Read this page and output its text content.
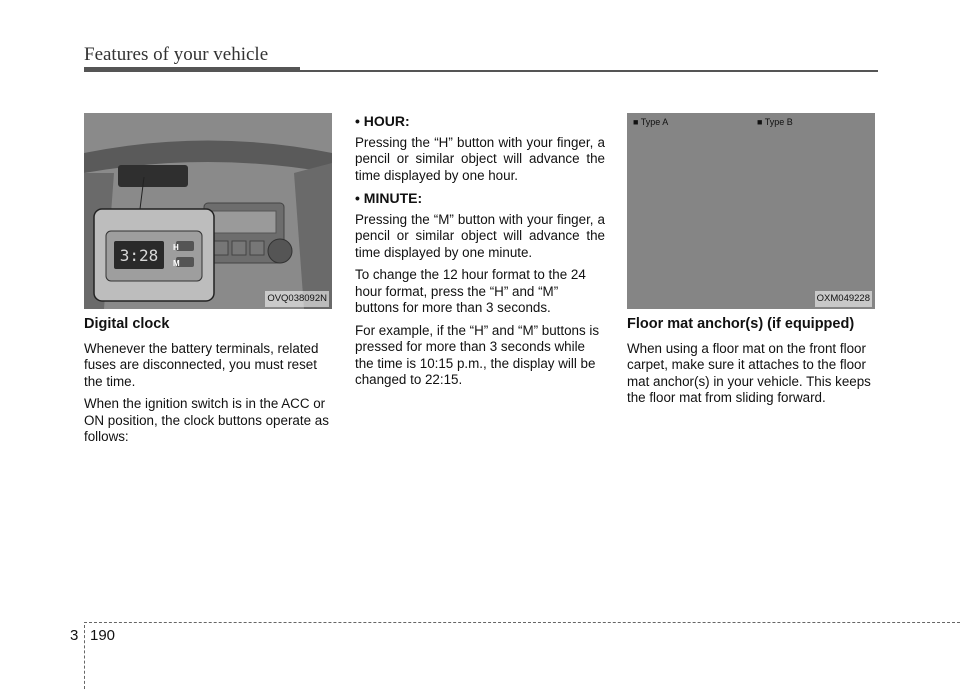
Features of your vehicle
3:28 H
M
OVQ038092N
Digital clock

Whenever the battery terminals, related fuses are disconnected, you must reset the time.

When the ignition switch is in the ACC or ON position, the clock buttons operate as follows:

• HOUR:

Pressing the “H” button with your finger, a pencil or similar object will advance the time displayed by one hour.

• MINUTE:

Pressing the “M” button with your finger, a pencil or similar object will advance the time displayed by one minute.

To change the 12 hour format to the 24 hour format, press the “H” and “M” buttons for more than 3 seconds.

For example, if the “H” and “M” buttons is pressed for more than 3 seconds while the time is 10:15 p.m., the display will be changed to 22:15.

■ Type A	■ Type B
OXM049228
Floor mat anchor(s) (if equipped)

When using a floor mat on the front floor carpet, make sure it attaches to the floor mat anchor(s) in your vehicle. This keeps the floor mat from sliding forward.

3 190
